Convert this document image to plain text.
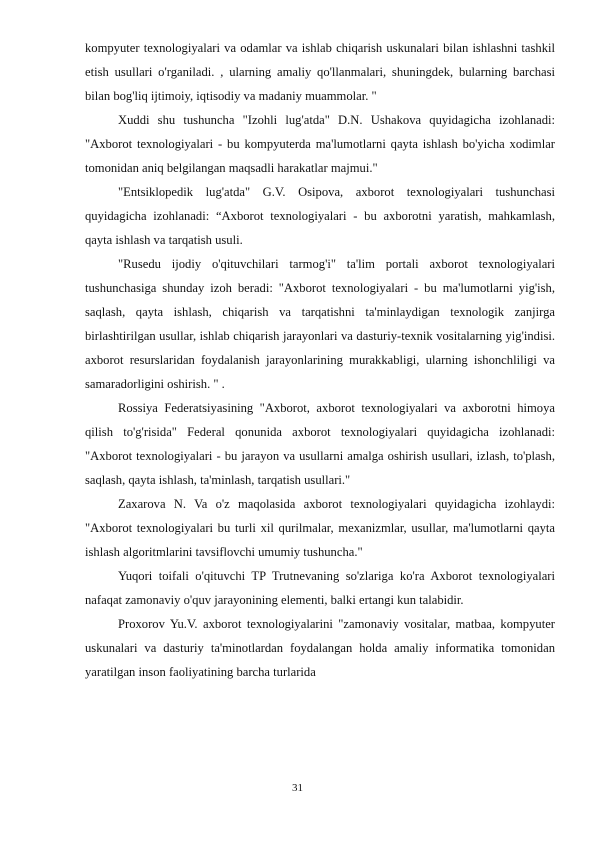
kompyuter texnologiyalari va odamlar va ishlab chiqarish uskunalari bilan ishlashni tashkil etish usullari o'rganiladi. , ularning amaliy qo'llanmalari, shuningdek, bularning barchasi bilan bog'liq ijtimoiy, iqtisodiy va madaniy muammolar. "

Xuddi shu tushuncha "Izohli lug'atda" D.N. Ushakova quyidagicha izohlanadi: "Axborot texnologiyalari - bu kompyuterda ma'lumotlarni qayta ishlash bo'yicha xodimlar tomonidan aniq belgilangan maqsadli harakatlar majmui."

"Entsiklopedik lug'atda" G.V. Osipova, axborot texnologiyalari tushunchasi quyidagicha izohlanadi: “Axborot texnologiyalari - bu axborotni yaratish, mahkamlash, qayta ishlash va tarqatish usuli.

"Rusedu ijodiy o'qituvchilari tarmog'i" ta'lim portali axborot texnologiyalari tushunchasiga shunday izoh beradi: "Axborot texnologiyalari - bu ma'lumotlarni yig'ish, saqlash, qayta ishlash, chiqarish va tarqatishni ta'minlaydigan texnologik zanjirga birlashtirilgan usullar, ishlab chiqarish jarayonlari va dasturiy-texnik vositalarning yig'indisi. axborot resurslaridan foydalanish jarayonlarining murakkabligi, ularning ishonchliligi va samaradorligini oshirish. " .

Rossiya Federatsiyasining "Axborot, axborot texnologiyalari va axborotni himoya qilish to'g'risida" Federal qonunida axborot texnologiyalari quyidagicha izohlanadi: "Axborot texnologiyalari - bu jarayon va usullarni amalga oshirish usullari, izlash, to'plash, saqlash, qayta ishlash, ta'minlash, tarqatish usullari."

Zaxarova N. Va o'z maqolasida axborot texnologiyalari quyidagicha izohlaydi: "Axborot texnologiyalari bu turli xil qurilmalar, mexanizmlar, usullar, ma'lumotlarni qayta ishlash algoritmlarini tavsiflovchi umumiy tushuncha."

Yuqori toifali o'qituvchi TP Trutnevaning so'zlariga ko'ra Axborot texnologiyalari nafaqat zamonaviy o'quv jarayonining elementi, balki ertangi kun talabidir.

Proxorov Yu.V. axborot texnologiyalarini "zamonaviy vositalar, matbaa, kompyuter uskunalari va dasturiy ta'minotlardan foydalangan holda amaliy informatika tomonidan yaratilgan inson faoliyatining barcha turlarida

31
